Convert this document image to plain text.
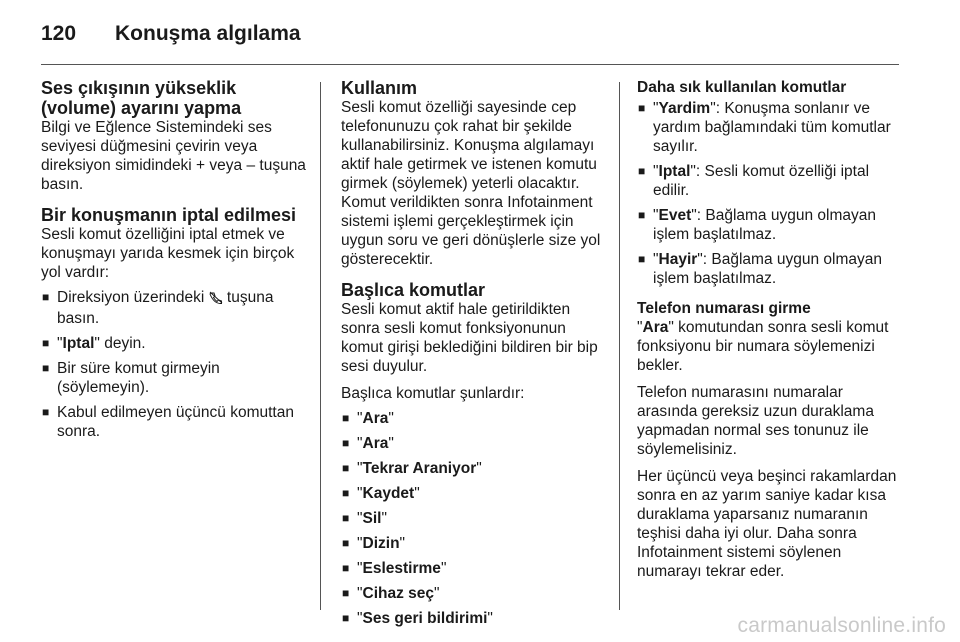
120	Konuşma algılama
Ses çıkışının yükseklik (volume) ayarını yapma

Bilgi ve Eğlence Sistemindeki ses seviyesi düğmesini çevirin veya direksiyon simidindeki + veya – tuşuna basın.

Bir konuşmanın iptal edilmesi

Sesli komut özelliğini iptal etmek ve konuşmayı yarıda kesmek için birçok yol vardır:

■ Direksiyon üzerindeki  tuşuna basın.
■ "Iptal" deyin.
■ Bir süre komut girmeyin (söylemeyin).
■ Kabul edilmeyen üçüncü komuttan sonra.
Kullanım

Sesli komut özelliği sayesinde cep telefonunuzu çok rahat bir şekilde kullanabilirsiniz. Konuşma algılamayı aktif hale getirmek ve istenen komutu girmek (söylemek) yeterli olacaktır. Komut verildikten sonra Infotainment sistemi işlemi gerçekleştirmek için uygun soru ve geri dönüşlerle size yol gösterecektir.

Başlıca komutlar

Sesli komut aktif hale getirildikten sonra sesli komut fonksiyonunun komut girişi beklediğini bildiren bir bip sesi duyulur.

Başlıca komutlar şunlardır:

■ "Ara"
■ "Ara"
■ "Tekrar Araniyor"
■ "Kaydet"
■ "Sil"
■ "Dizin"
■ "Eslestirme"
■ "Cihaz seç"
■ "Ses geri bildirimi"
Daha sık kullanılan komutlar
■ "Yardim": Konuşma sonlanır ve yardım bağlamındaki tüm komutlar sayılır.
■ "Iptal": Sesli komut özelliği iptal edilir.
■ "Evet": Bağlama uygun olmayan işlem başlatılmaz.
■ "Hayir": Bağlama uygun olmayan işlem başlatılmaz.
Telefon numarası girme

"Ara" komutundan sonra sesli komut fonksiyonu bir numara söylemenizi bekler.

Telefon numarasını numaralar arasında gereksiz uzun duraklama yapmadan normal ses tonunuz ile söylemelisiniz.

Her üçüncü veya beşinci rakamlardan sonra en az yarım saniye kadar kısa duraklama yaparsanız numaranın teşhisi daha iyi olur. Daha sonra Infotainment sistemi söylenen numarayı tekrar eder.

carmanualsonline.info
